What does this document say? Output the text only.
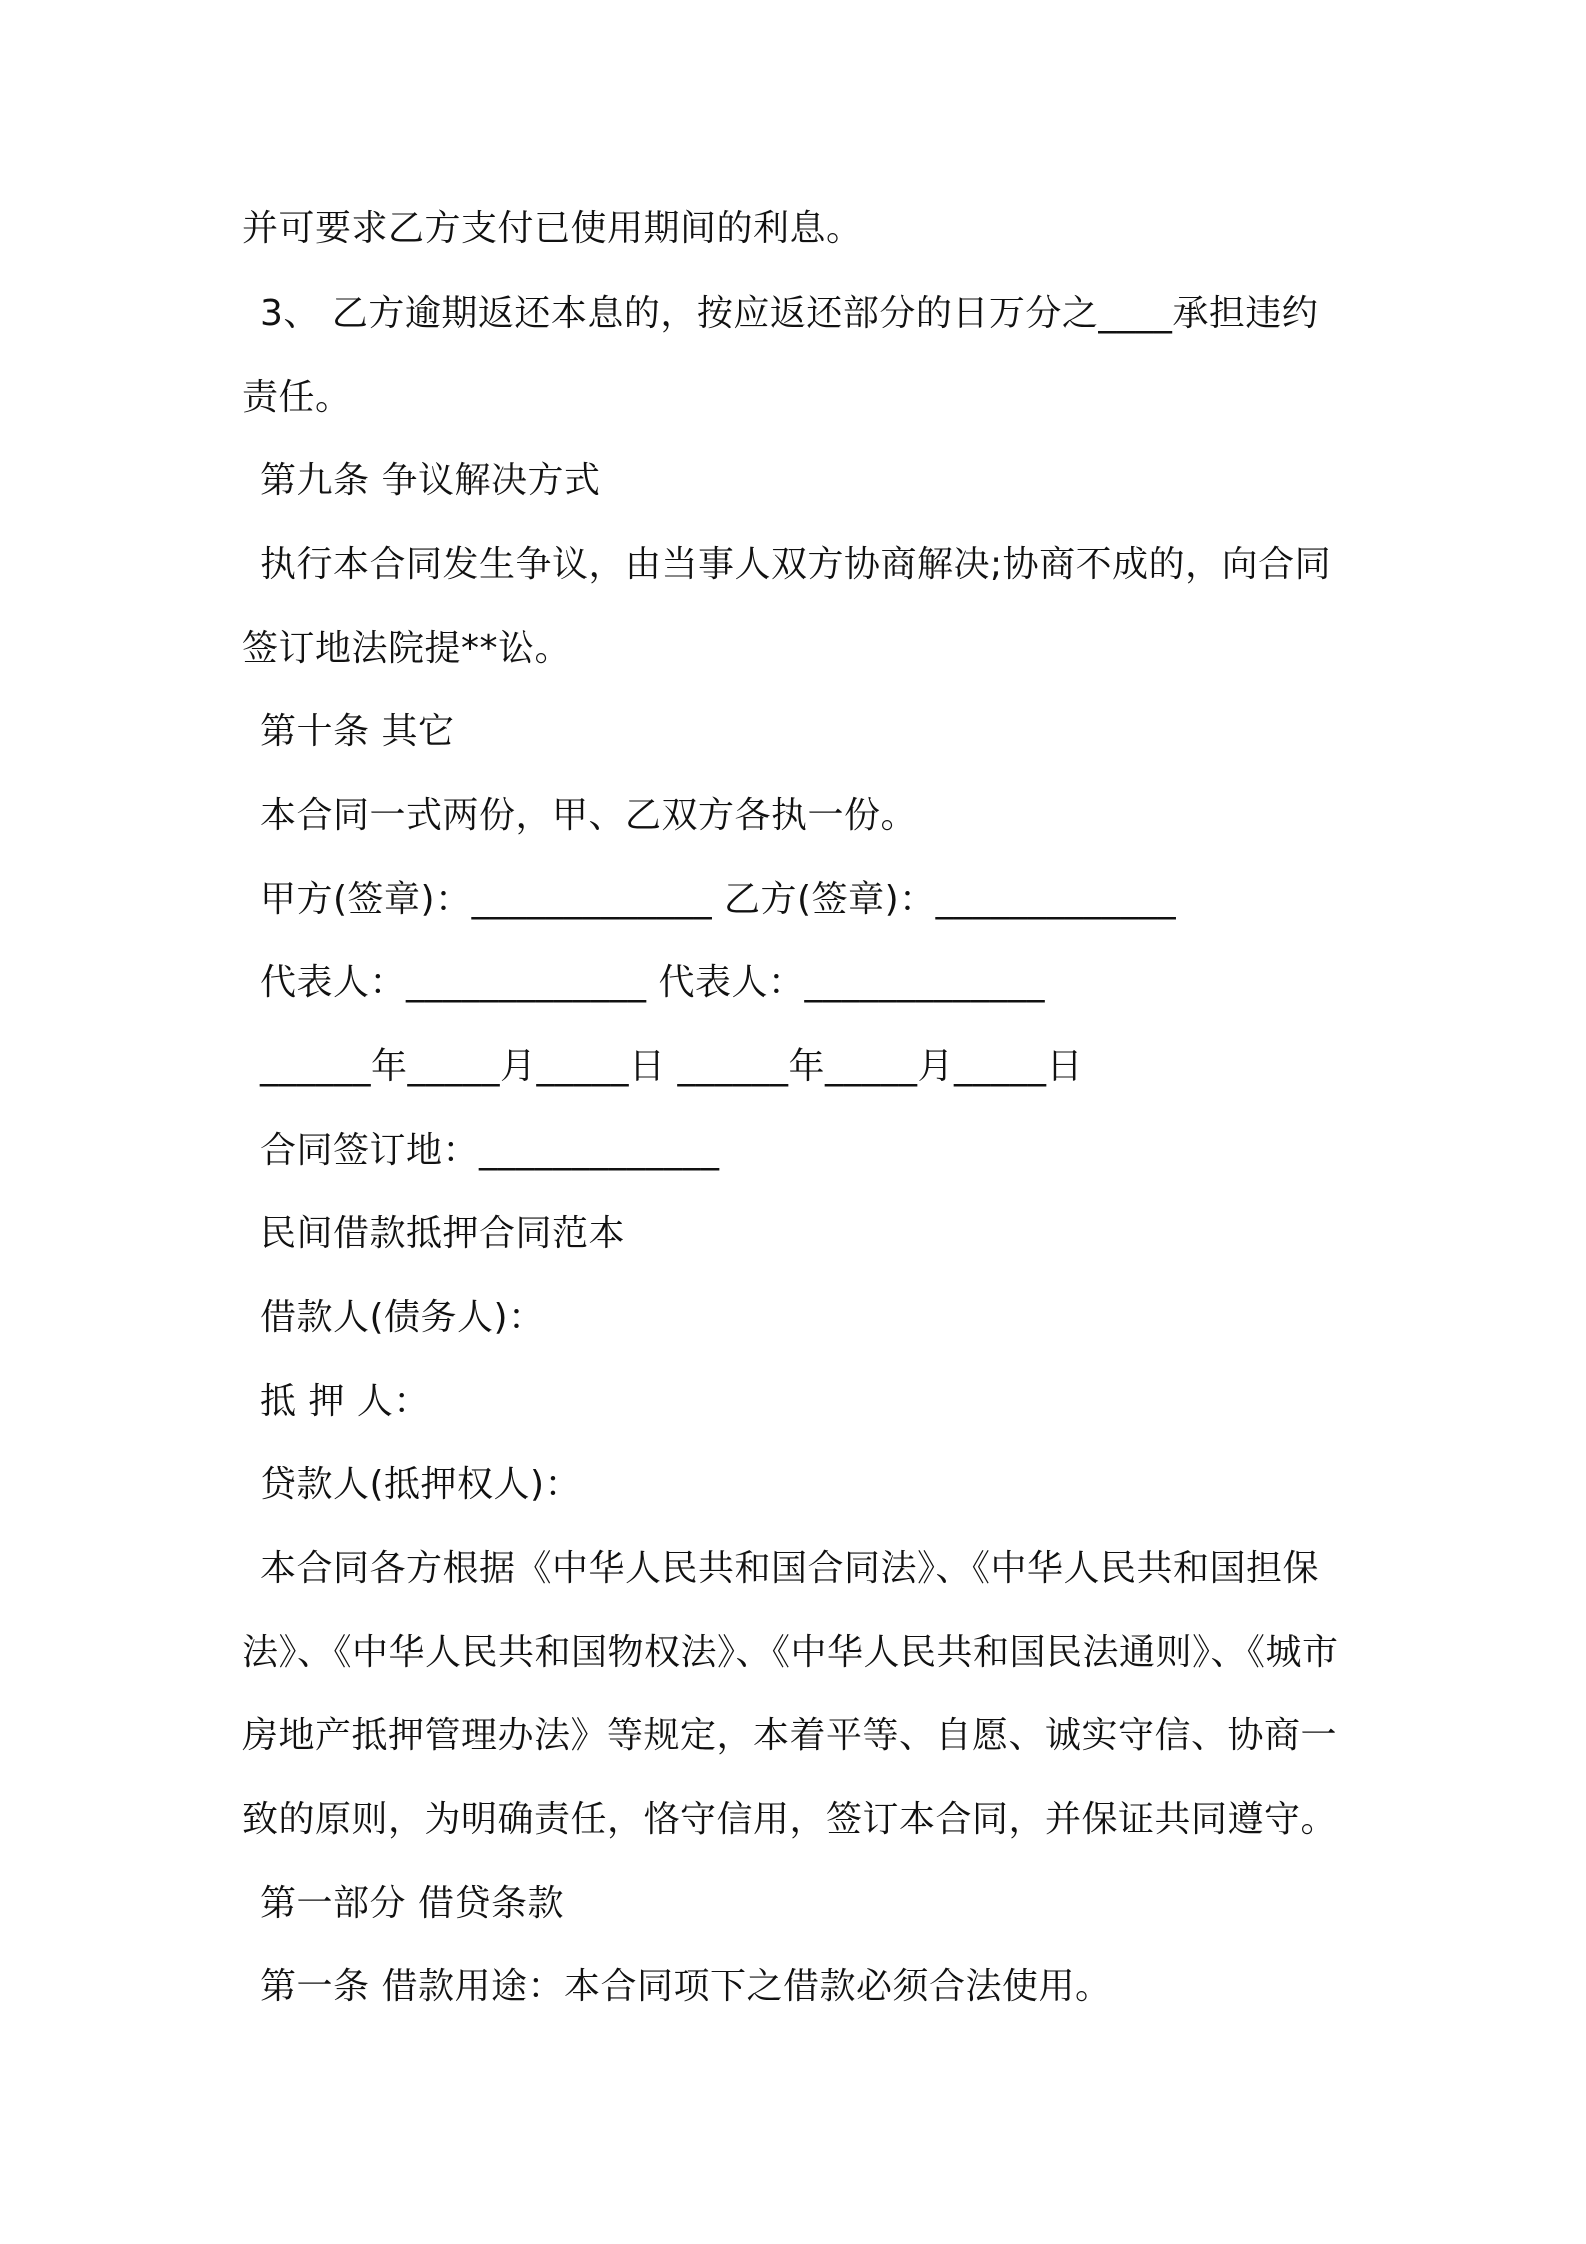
并可要求乙方支付已使用期间的利息。
3、 乙方逾期返还本息的，按应返还部分的日万分之____承担违约
责任。
第九条 争议解决方式
执行本合同发生争议，由当事人双方协商解决;协商不成的，向合同
签订地法院提**讼。
第十条 其它
本合同一式两份，甲、乙双方各执一份。
甲方(签章)：_____________ 乙方(签章)：_____________
代表人：_____________ 代表人：_____________
______年_____月_____日 ______年_____月_____日
合同签订地：_____________
民间借款抵押合同范本
借款人(债务人)：
抵 押 人：
贷款人(抵押权人)：
本合同各方根据《中华人民共和国合同法》、《中华人民共和国担保
法》、《中华人民共和国物权法》、《中华人民共和国民法通则》、《城市
房地产抵押管理办法》等规定，本着平等、自愿、诚实守信、协商一
致的原则，为明确责任，恪守信用，签订本合同，并保证共同遵守。
第一部分 借贷条款
第一条 借款用途：本合同项下之借款必须合法使用。
